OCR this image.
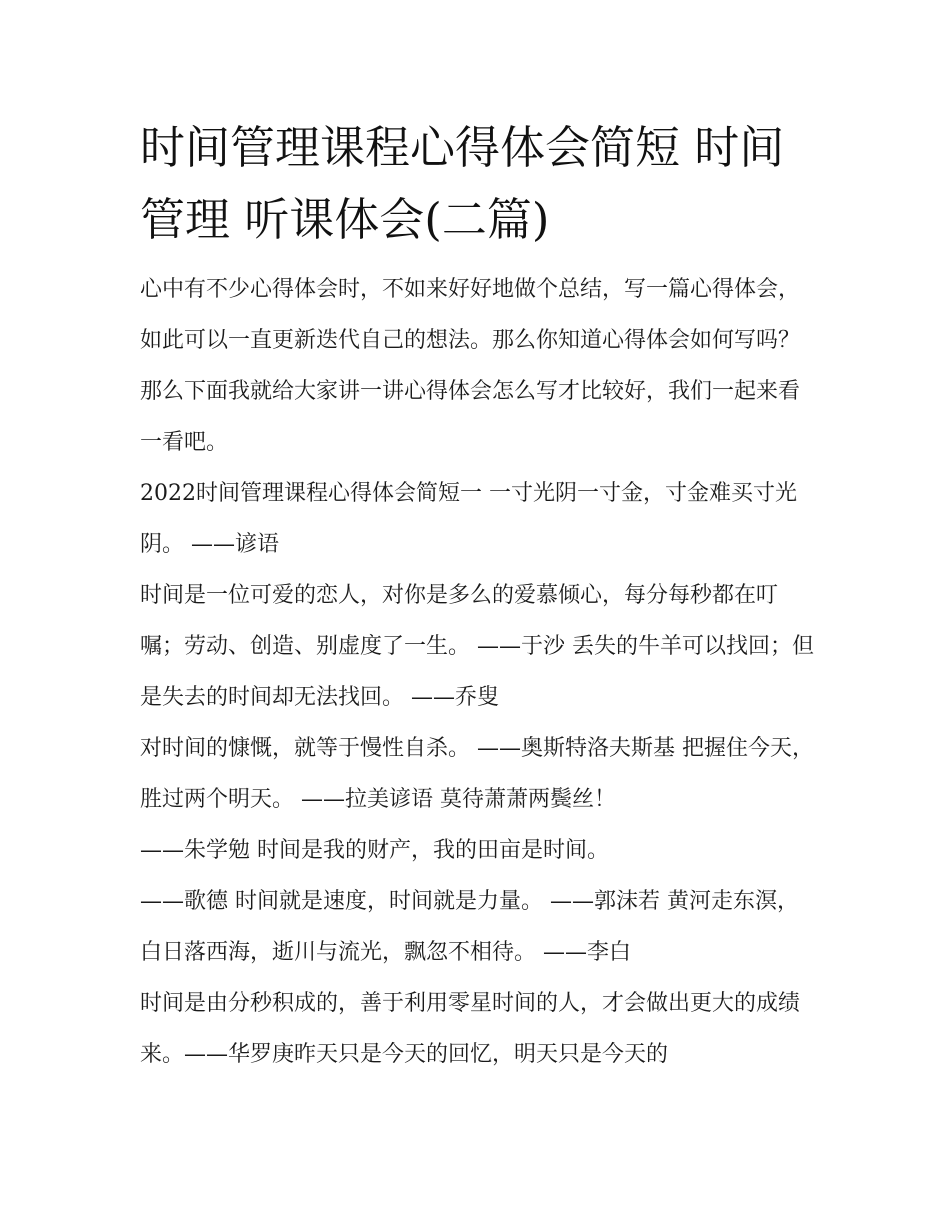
时间管理课程心得体会简短 时间管理 听课体会(二篇)

心中有不少心得体会时，不如来好好地做个总结，写一篇心得体会，如此可以一直更新迭代自己的想法。那么你知道心得体会如何写吗？那么下面我就给大家讲一讲心得体会怎么写才比较好，我们一起来看一看吧。

2022时间管理课程心得体会简短一 一寸光阴一寸金，寸金难买寸光阴。 ——谚语

时间是一位可爱的恋人，对你是多么的爱慕倾心，每分每秒都在叮嘱；劳动、创造、别虚度了一生。 ——于沙 丢失的牛羊可以找回；但是失去的时间却无法找回。 ——乔叟

对时间的慷慨，就等于慢性自杀。 ——奥斯特洛夫斯基 把握住今天，胜过两个明天。 ——拉美谚语 莫待萧萧两鬓丝！

——朱学勉 时间是我的财产，我的田亩是时间。

——歌德 时间就是速度，时间就是力量。 ——郭沫若 黄河走东溟，白日落西海，逝川与流光，飘忽不相待。 ——李白

时间是由分秒积成的，善于利用零星时间的人，才会做出更大的成绩来。——华罗庚昨天只是今天的回忆，明天只是今天的
